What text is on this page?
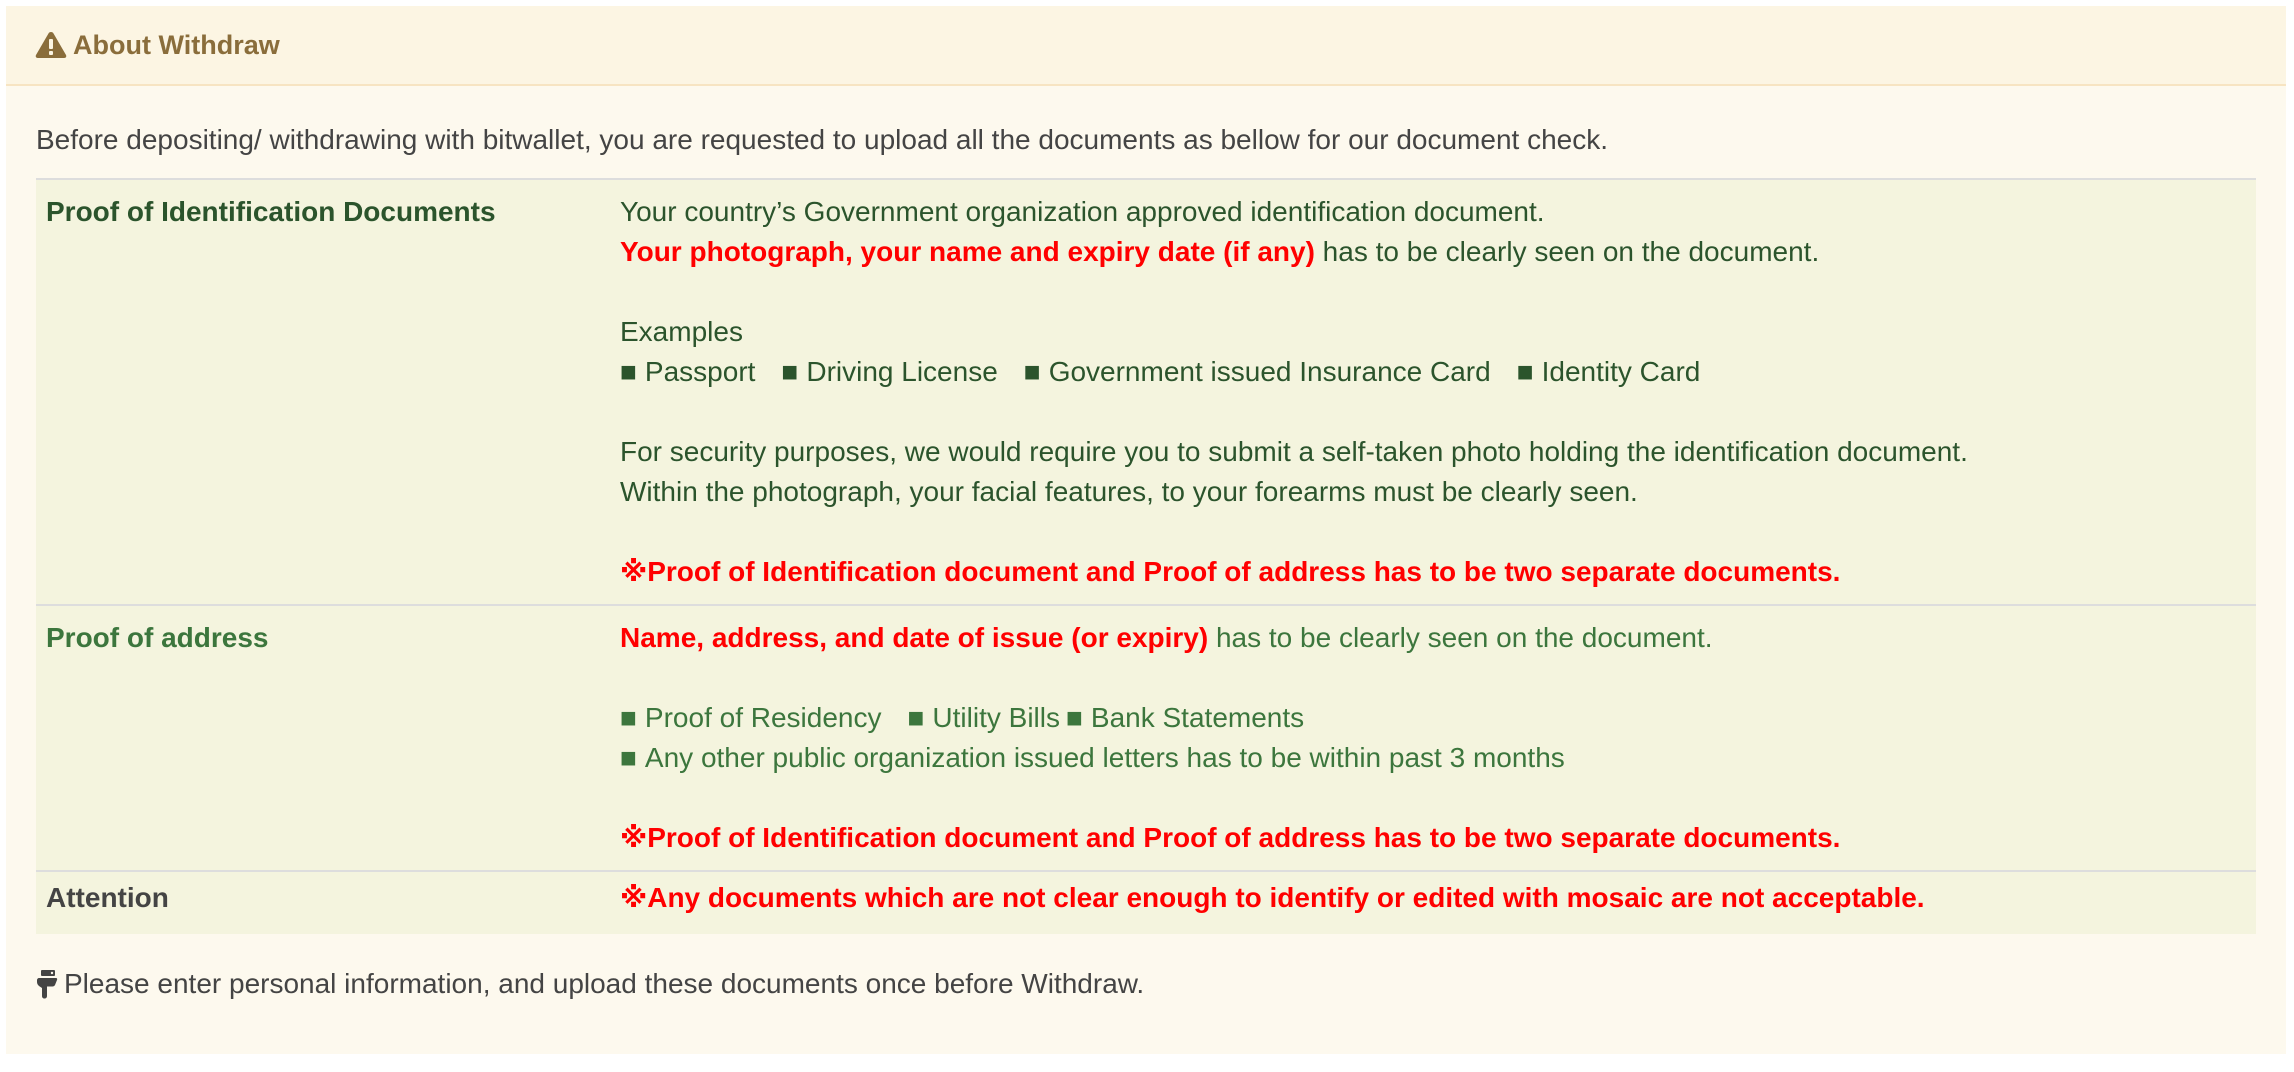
About Withdraw
Before depositing/ withdrawing with bitwallet, you are requested to upload all the documents as bellow for our document check.
Proof of Identification Documents	Your country’s Government organization approved identification document.
Your photograph, your name and expiry date (if any) has to be clearly seen on the document.
Examples
■ Passport ■ Driving License ■ Government issued Insurance Card ■ Identity Card
For security purposes, we would require you to submit a self-taken photo holding the identification document.
Within the photograph, your facial features, to your forearms must be clearly seen.
※Proof of Identification document and Proof of address has to be two separate documents.

Proof of address	Name, address, and date of issue (or expiry) has to be clearly seen on the document.
■ Proof of Residency ■ Utility Bills ■ Bank Statements
■ Any other public organization issued letters has to be within past 3 months
※Proof of Identification document and Proof of address has to be two separate documents.

Attention	※Any documents which are not clear enough to identify or edited with mosaic are not acceptable.
Please enter personal information, and upload these documents once before Withdraw.
